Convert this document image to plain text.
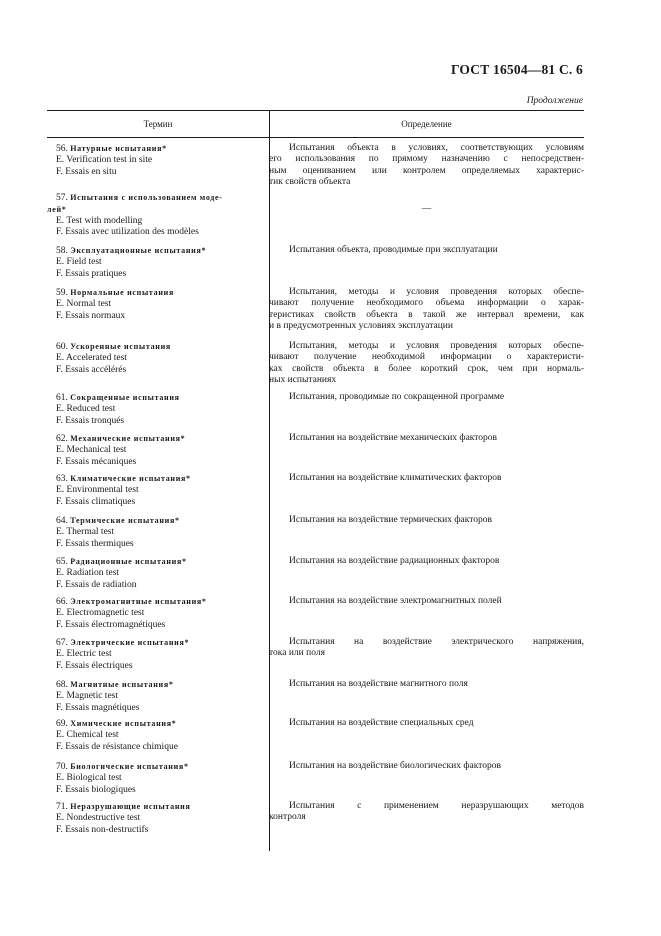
ГОСТ 16504—81 С. 6
Продолжение
Термин	Определение
56. Натурные испытания*
E. Verification test in site
F. Essais en situ
Испытания объекта в условиях, соответствующих условиям
его использования по прямому назначению с непосредствен-
ным оцениванием или контролем определяемых характерис-
тик свойств объекта
57. Испытания с использованием моде-
лей*
E. Test with modelling
F. Essais avec utilization des modèles
—
58. Эксплуатационные испытания*
E. Field test
F. Essais pratiques
Испытания объекта, проводимые при эксплуатации
59. Нормальные испытания
E. Normal test
F. Essais normaux
Испытания, методы и условия проведения которых обеспе-
чивают получение необходимого объема информации о харак-
теристиках свойств объекта в такой же интервал времени, как
и в предусмотренных условиях эксплуатации
60. Ускоренные испытания
E. Accelerated test
F. Essais accélérés
Испытания, методы и условия проведения которых обеспе-
чивают получение необходимой информации о характеристи-
ках свойств объекта в более короткий срок, чем при нормаль-
ных испытаниях
61. Сокращенные испытания
E. Reduced test
F. Essais tronqués
Испытания, проводимые по сокращенной программе
62. Механические испытания*
E. Mechanical test
F. Essais mécaniques
Испытания на воздействие механических факторов
63. Климатические испытания*
E. Environmental test
F. Essais climatiques
Испытания на воздействие климатических факторов
64. Термические испытания*
E. Thermal test
F. Essais thermiques
Испытания на воздействие термических факторов
65. Радиационные испытания*
E. Radiation test
F. Essais de radiation
Испытания на воздействие радиационных факторов
66. Электромагнитные испытания*
E. Electromagnetic test
F. Essais électromagnétiques
Испытания на воздействие электромагнитных полей
67. Электрические испытания*
E. Electric test
F. Essais électriques
Испытания на воздействие электрического напряжения,
тока или поля
68. Магнитные испытания*
E. Magnetic test
F. Essais magnétiques
Испытания на воздействие магнитного поля
69. Химические испытания*
E. Chemical test
F. Essais de résistance chimique
Испытания на воздействие специальных сред
70. Биологические испытания*
E. Biological test
F. Essais biologiques
Испытания на воздействие биологических факторов
71. Неразрушающие испытания
E. Nondestructive test
F. Essais non-destructifs
Испытания с применением неразрушающих методов
контроля
